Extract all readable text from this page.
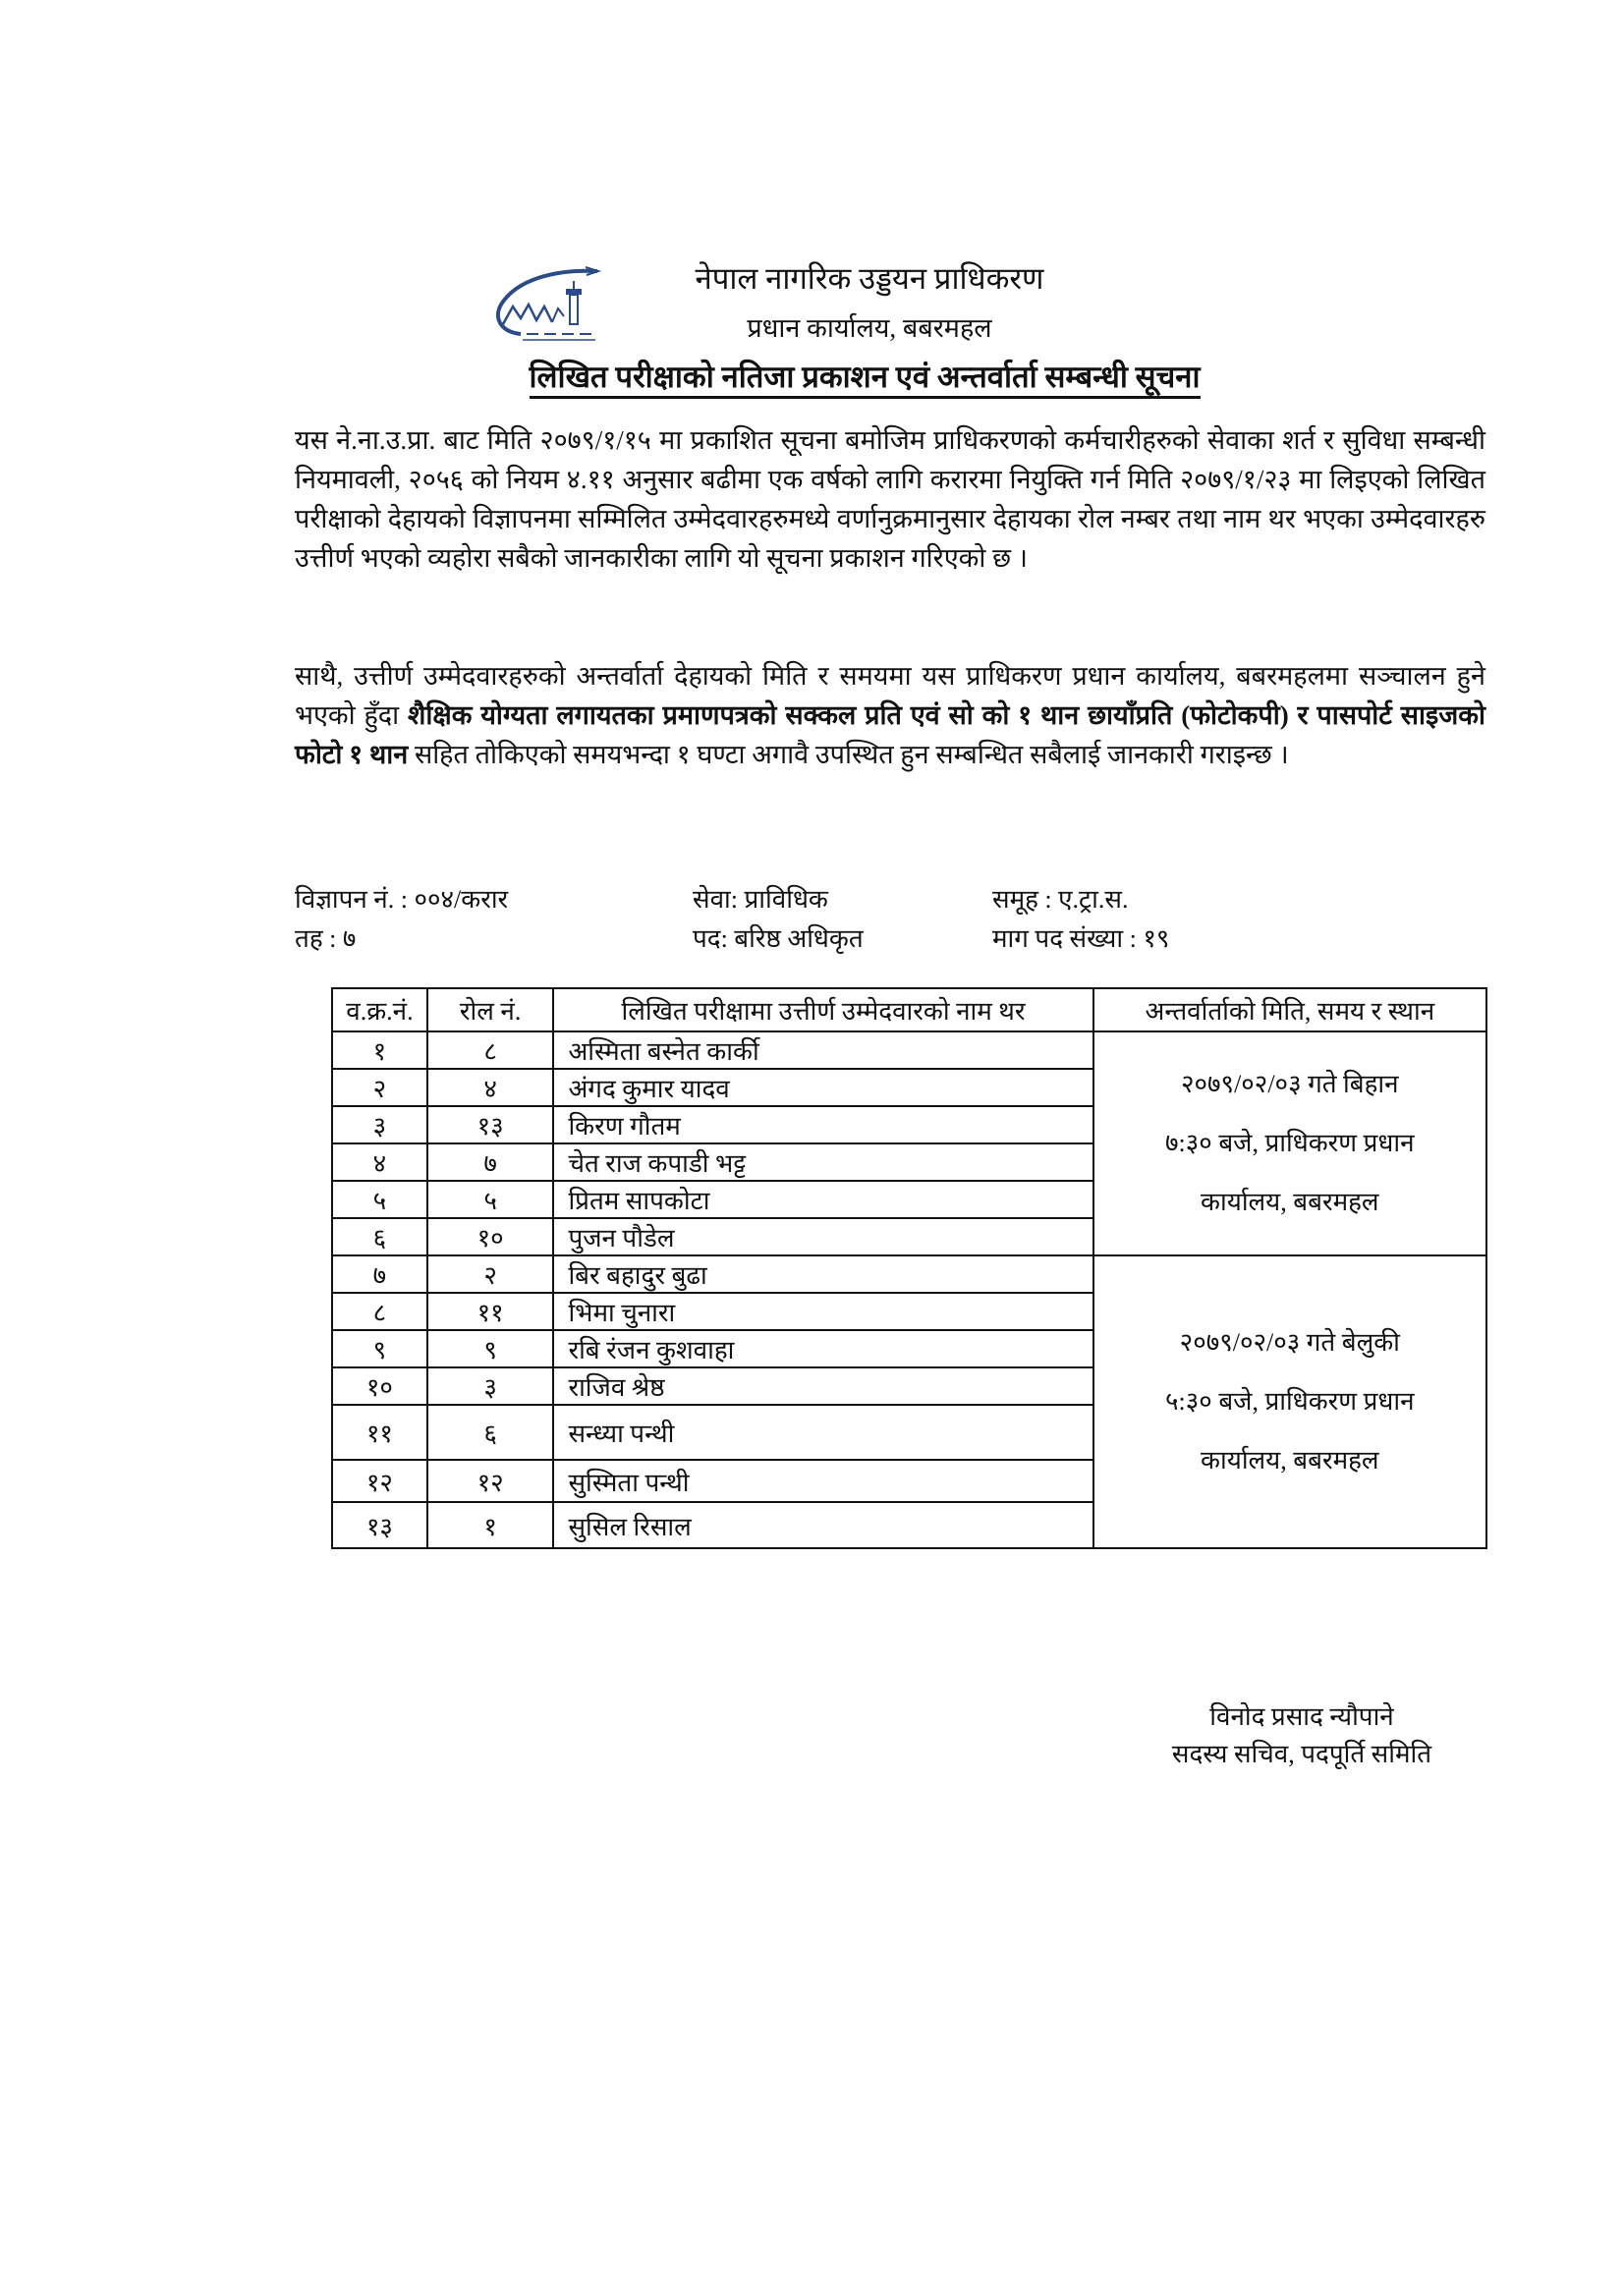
नेपाल नागरिक उड्डयन प्राधिकरण
प्रधान कार्यालय, बबरमहल
लिखित परीक्षाको नतिजा प्रकाशन एवं अन्तर्वार्ता सम्बन्धी सूचना
यस ने.ना.उ.प्रा. बाट मिति २०७९/१/१५ मा प्रकाशित सूचना बमोजिम प्राधिकरणको कर्मचारीहरुको सेवाका शर्त र सुविधा सम्बन्धी नियमावली, २०५६ को नियम ४.११ अनुसार बढीमा एक वर्षको लागि करारमा नियुक्ति गर्न मिति २०७९/१/२३ मा लिइएको लिखित परीक्षाको देहायको विज्ञापनमा सम्मिलित उम्मेदवारहरुमध्ये वर्णानुक्रमानुसार देहायका रोल नम्बर तथा नाम थर भएका उम्मेदवारहरु उत्तीर्ण भएको व्यहोरा सबैको जानकारीका लागि यो सूचना प्रकाशन गरिएको छ ।
साथै, उत्तीर्ण उम्मेदवारहरुको अन्तर्वार्ता देहायको मिति र समयमा यस प्राधिकरण प्रधान कार्यालय, बबरमहलमा सञ्चालन हुने भएको हुँदा शैक्षिक योग्यता लगायतका प्रमाणपत्रको सक्कल प्रति एवं सो को १ थान छायाँप्रति (फोटोकपी) र पासपोर्ट साइजको फोटो १ थान सहित तोकिएको समयभन्दा १ घण्टा अगावै उपस्थित हुन सम्बन्धित सबैलाई जानकारी गराइन्छ ।
विज्ञापन नं. : ००४/करार	सेवा: प्राविधिक	समूह : ए.ट्रा.स.
तह : ७	पद: बरिष्ठ अधिकृत	माग पद संख्या : १९
व.क्र.नं.	रोल नं.	लिखित परीक्षामा उत्तीर्ण उम्मेदवारको नाम थर	अन्तर्वार्ताको मिति, समय र स्थान
१	८	अस्मिता बस्नेत कार्की	२०७९/०२/०३ गते बिहान
७:३० बजे, प्राधिकरण प्रधान
कार्यालय, बबरमहल

२	४	अंगद कुमार यादव	
३	१३	किरण गौतम	
४	७	चेत राज कपाडी भट्ट	
५	५	प्रितम सापकोटा	
६	१०	पुजन पौडेल	
७	२	बिर बहादुर बुढा	२०७९/०२/०३ गते बेलुकी
५:३० बजे, प्राधिकरण प्रधान
कार्यालय, बबरमहल

८	११	भिमा चुनारा	
९	९	रबि रंजन कुशवाहा	
१०	३	राजिव श्रेष्ठ	
११	६	सन्ध्या पन्थी	
१२	१२	सुस्मिता पन्थी	
१३	१	सुसिल रिसाल	
विनोद प्रसाद न्यौपाने
सदस्य सचिव, पदपूर्ति समिति
